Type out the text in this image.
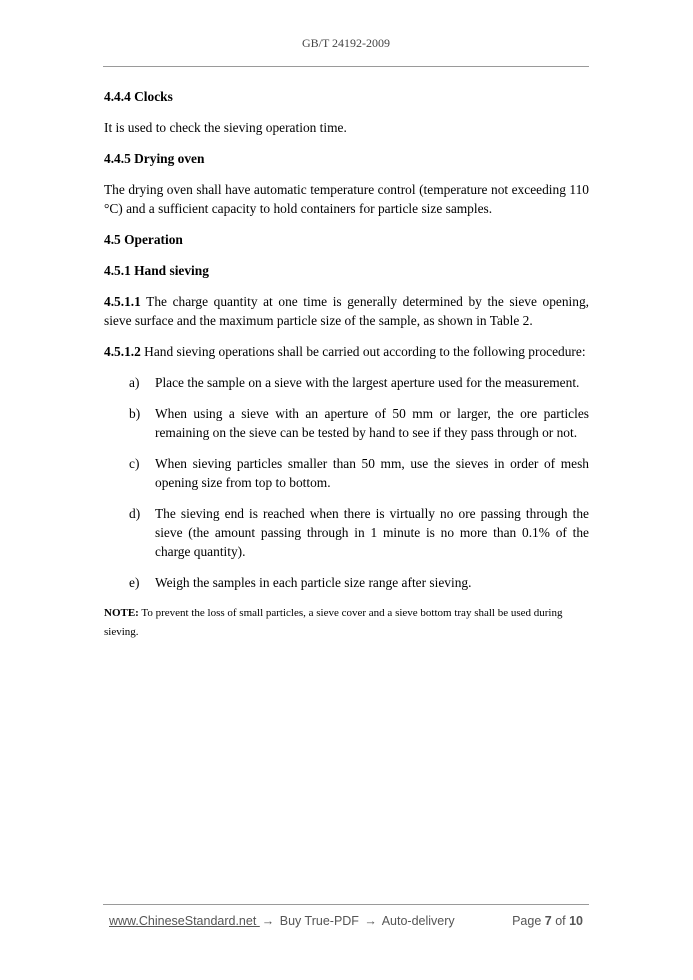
GB/T 24192-2009

4.4.4 Clocks

It is used to check the sieving operation time.

4.4.5 Drying oven

The drying oven shall have automatic temperature control (temperature not exceeding 110 °C) and a sufficient capacity to hold containers for particle size samples.

4.5 Operation

4.5.1 Hand sieving

4.5.1.1 The charge quantity at one time is generally determined by the sieve opening, sieve surface and the maximum particle size of the sample, as shown in Table 2.

4.5.1.2 Hand sieving operations shall be carried out according to the following procedure:

a) Place the sample on a sieve with the largest aperture used for the measurement.
b) When using a sieve with an aperture of 50 mm or larger, the ore particles remaining on the sieve can be tested by hand to see if they pass through or not.
c) When sieving particles smaller than 50 mm, use the sieves in order of mesh opening size from top to bottom.
d) The sieving end is reached when there is virtually no ore passing through the sieve (the amount passing through in 1 minute is no more than 0.1% of the charge quantity).
e) Weigh the samples in each particle size range after sieving.

NOTE: To prevent the loss of small particles, a sieve cover and a sieve bottom tray shall be used during sieving.

www.ChineseStandard.net → Buy True-PDF → Auto-delivery	Page 7 of 10
